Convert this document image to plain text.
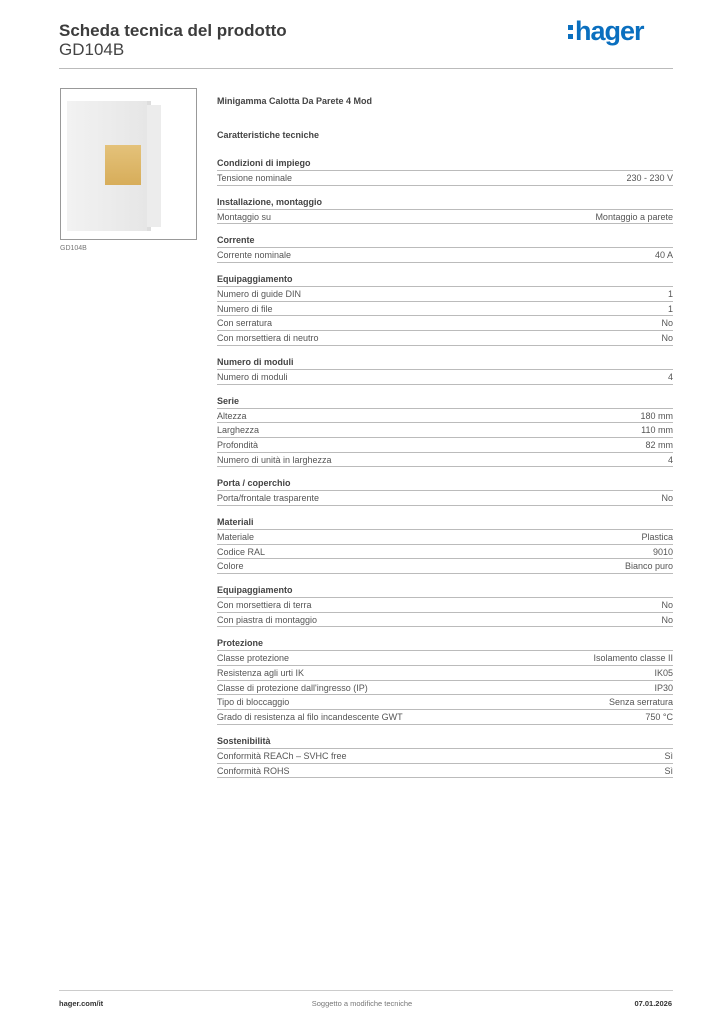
Scheda tecnica del prodotto
GD104B
hager
GD104B
Minigamma Calotta Da Parete 4 Mod
Caratteristiche tecniche
Condizioni di impiego
Tensione nominale	230 - 230 V
Installazione, montaggio
Montaggio su	Montaggio a parete
Corrente
Corrente nominale	40 A
Equipaggiamento
Numero di guide DIN	1
Numero di file	1
Con serratura	No
Con morsettiera di neutro	No
Numero di moduli
Numero di moduli	4
Serie
Altezza	180 mm
Larghezza	110 mm
Profondità	82 mm
Numero di unità in larghezza	4
Porta / coperchio
Porta/frontale trasparente	No
Materiali
Materiale	Plastica
Codice RAL	9010
Colore	Bianco puro
Equipaggiamento
Con morsettiera di terra	No
Con piastra di montaggio	No
Protezione
Classe protezione	Isolamento classe II
Resistenza agli urti IK	IK05
Classe di protezione dall'ingresso (IP)	IP30
Tipo di bloccaggio	Senza serratura
Grado di resistenza al filo incandescente GWT	750 °C
Sostenibilità
Conformità REACh – SVHC free	Sì
Conformità ROHS	Sì
hager.com/it	Soggetto a modifiche tecniche	07.01.2026
